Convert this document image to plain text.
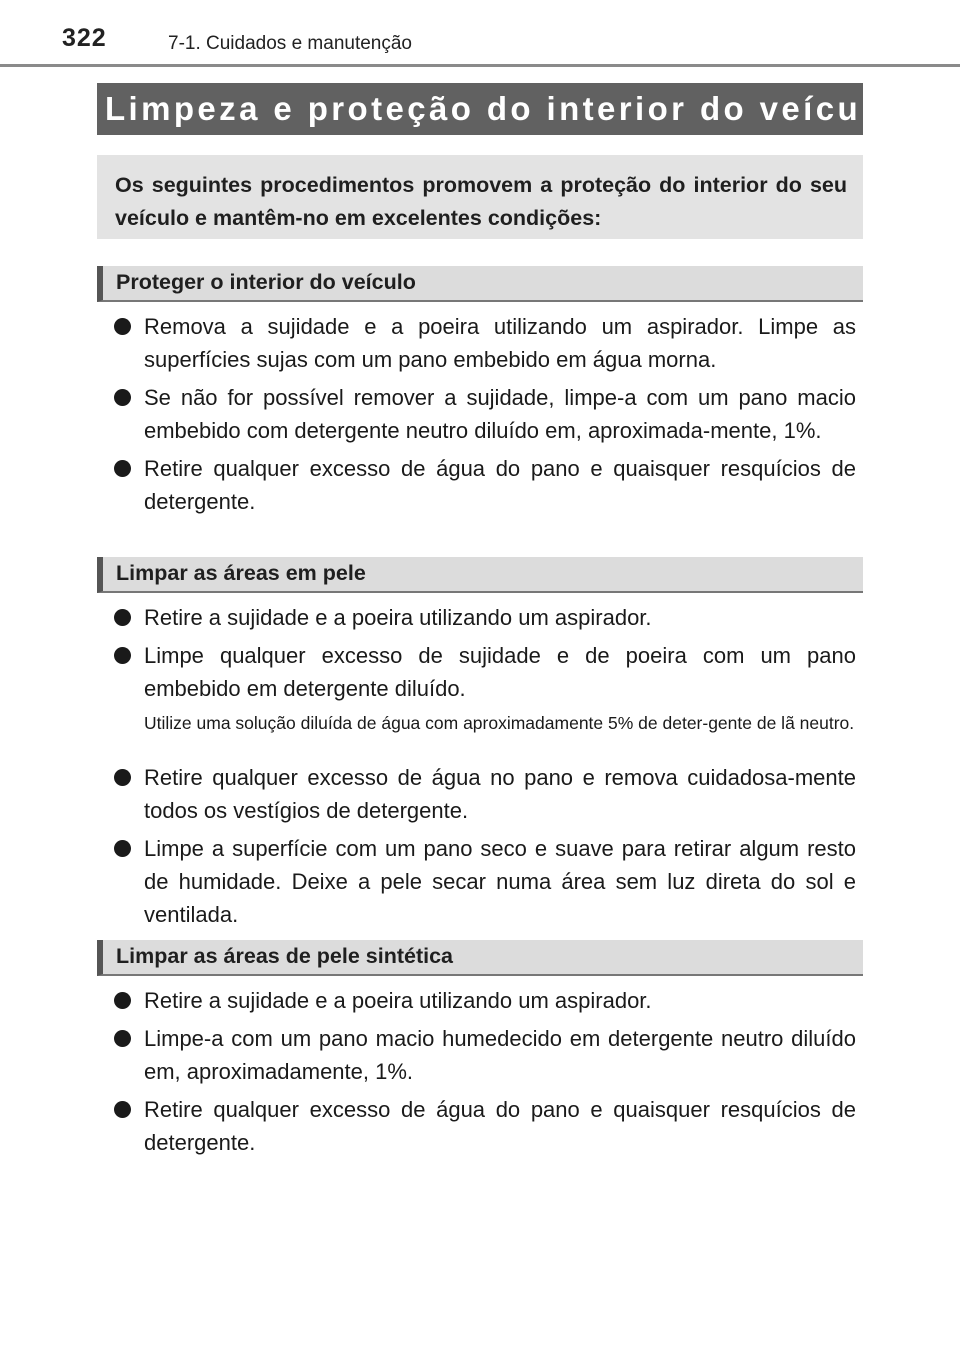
322	7-1. Cuidados e manutenção
Limpeza e proteção do interior do veículo
Os seguintes procedimentos promovem a proteção do interior do seu veículo e mantêm-no em excelentes condições:
Proteger o interior do veículo
Remova a sujidade e a poeira utilizando um aspirador. Limpe as superfícies sujas com um pano embebido em água morna.
Se não for possível remover a sujidade, limpe-a com um pano macio embebido com detergente neutro diluído em, aproximada-mente, 1%.
Retire qualquer excesso de água do pano e quaisquer resquícios de detergente.
Limpar as áreas em pele
Retire a sujidade e a poeira utilizando um aspirador.
Limpe qualquer excesso de sujidade e de poeira com um pano embebido em detergente diluído.
Utilize uma solução diluída de água com aproximadamente 5% de deter-gente de lã neutro.
Retire qualquer excesso de água no pano e remova cuidadosa-mente todos os vestígios de detergente.
Limpe a superfície com um pano seco e suave para retirar algum resto de humidade. Deixe a pele secar numa área sem luz direta do sol e ventilada.
Limpar as áreas de pele sintética
Retire a sujidade e a poeira utilizando um aspirador.
Limpe-a com um pano macio humedecido em detergente neutro diluído em, aproximadamente, 1%.
Retire qualquer excesso de água do pano e quaisquer resquícios de detergente.
